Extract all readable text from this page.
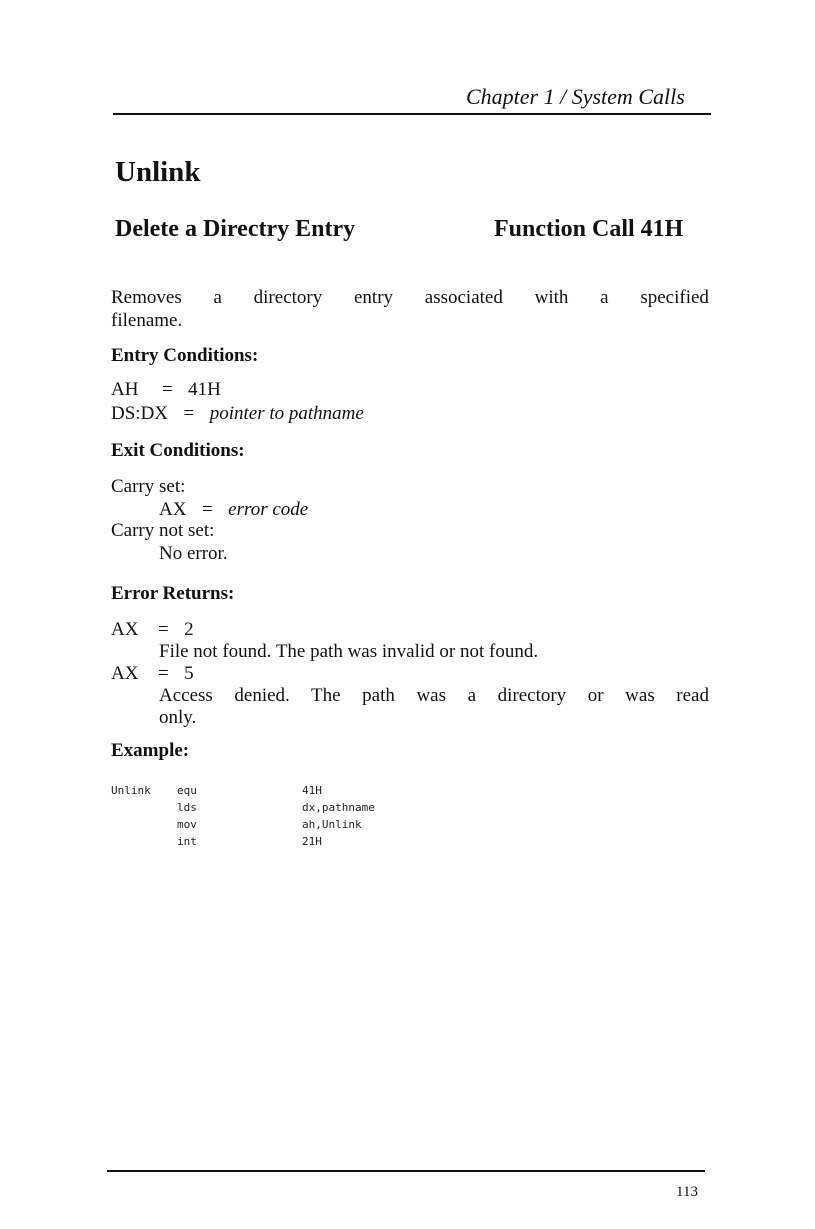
Chapter 1 / System Calls
Unlink
Delete a Directry Entry	Function Call 41H
Removes a directory entry associated with a specified
filename.
Entry Conditions:
AH = 41H
DS:DX = pointer to pathname
Exit Conditions:
Carry set:
AX = error code
Carry not set:
No error.
Error Returns:
AX = 2
File not found. The path was invalid or not found.
AX = 5
Access denied. The path was a directory or was read
only.
Example:
Unlink equ	41H
lds	dx,pathname
mov	ah,Unlink
int	21H
113
